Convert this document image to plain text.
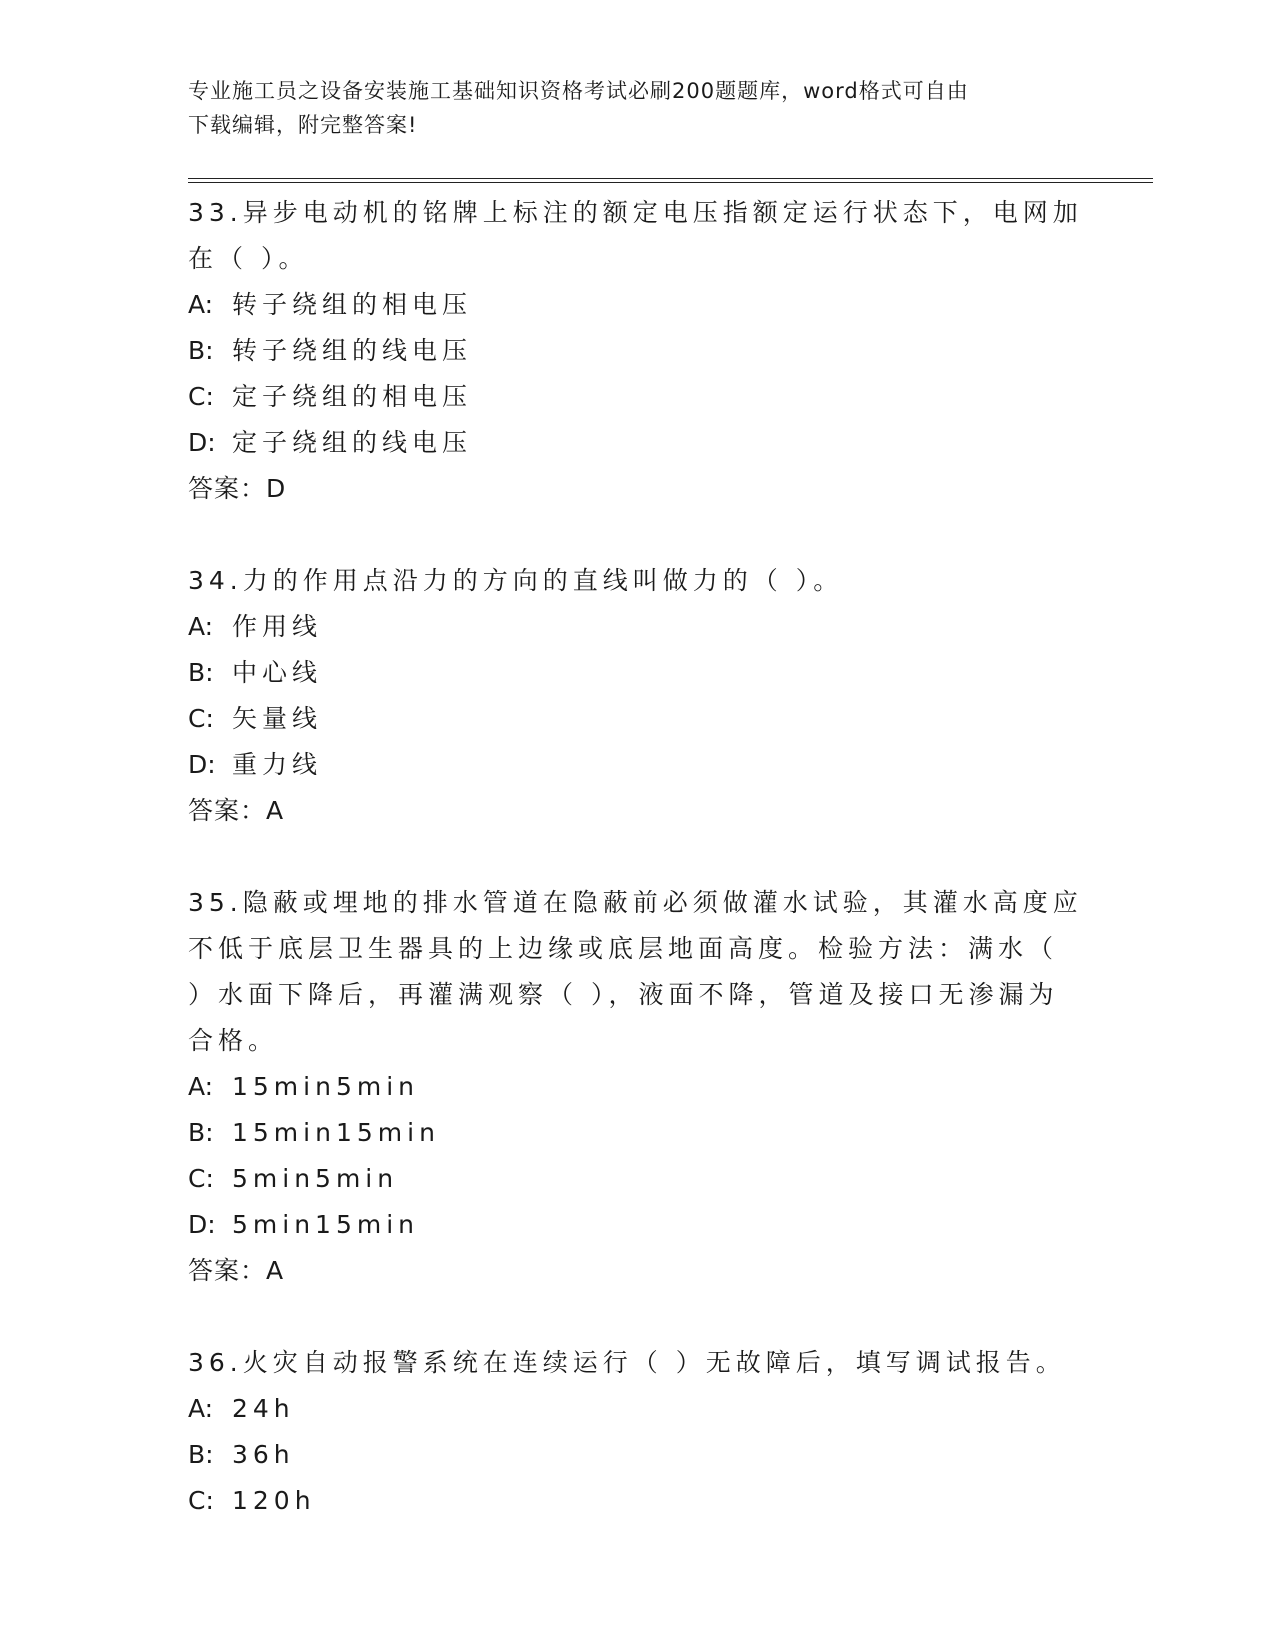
专业施工员之设备安装施工基础知识资格考试必刷200题题库，word格式可自由
下载编辑，附完整答案!
33.异步电动机的铭牌上标注的额定电压指额定运行状态下，电网加在（ ）。
A: 转子绕组的相电压
B: 转子绕组的线电压
C: 定子绕组的相电压
D: 定子绕组的线电压
答案：D
34.力的作用点沿力的方向的直线叫做力的（ ）。
A: 作用线
B: 中心线
C: 矢量线
D: 重力线
答案：A
35.隐蔽或埋地的排水管道在隐蔽前必须做灌水试验，其灌水高度应不低于底层卫生器具的上边缘或底层地面高度。检验方法：满水（ ）水面下降后，再灌满观察（ ），液面不降，管道及接口无渗漏为合格。
A: 15min5min
B: 15min15min
C: 5min5min
D: 5min15min
答案：A
36.火灾自动报警系统在连续运行（ ）无故障后，填写调试报告。
A: 24h
B: 36h
C: 120h
